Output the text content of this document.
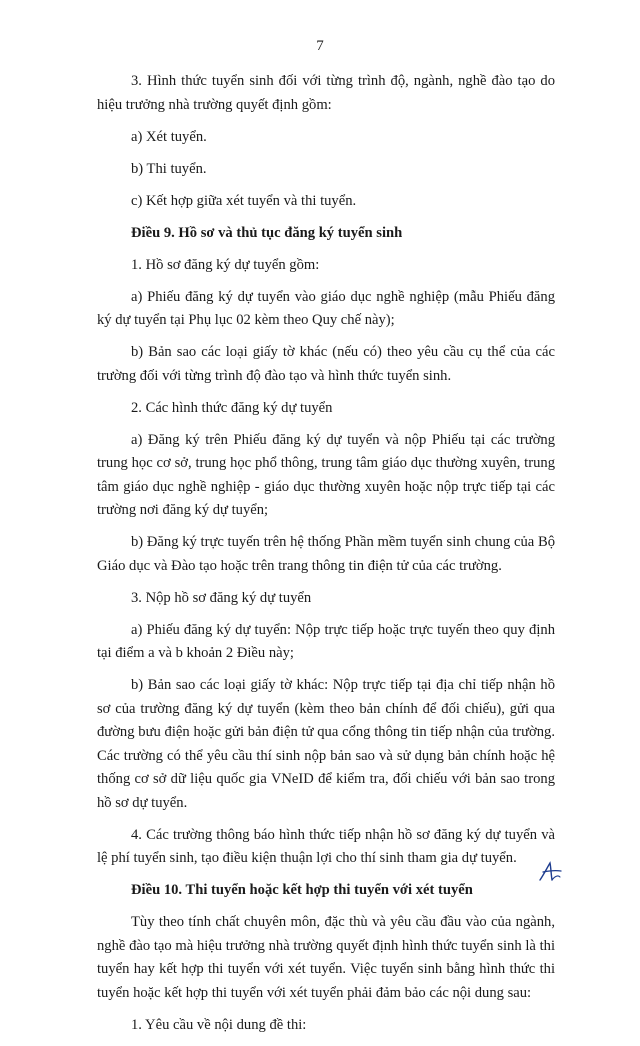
7

3. Hình thức tuyển sinh đối với từng trình độ, ngành, nghề đào tạo do hiệu trưởng nhà trường quyết định gồm:

a) Xét tuyển.

b) Thi tuyển.

c) Kết hợp giữa xét tuyển và thi tuyển.

Điều 9. Hồ sơ và thủ tục đăng ký tuyển sinh

1. Hồ sơ đăng ký dự tuyển gồm:

a) Phiếu đăng ký dự tuyển vào giáo dục nghề nghiệp (mẫu Phiếu đăng ký dự tuyển tại Phụ lục 02 kèm theo Quy chế này);

b) Bản sao các loại giấy tờ khác (nếu có) theo yêu cầu cụ thể của các trường đối với từng trình độ đào tạo và hình thức tuyển sinh.

2. Các hình thức đăng ký dự tuyển

a) Đăng ký trên Phiếu đăng ký dự tuyển và nộp Phiếu tại các trường trung học cơ sở, trung học phổ thông, trung tâm giáo dục thường xuyên, trung tâm giáo dục nghề nghiệp - giáo dục thường xuyên hoặc nộp trực tiếp tại các trường nơi đăng ký dự tuyển;

b) Đăng ký trực tuyến trên hệ thống Phần mềm tuyển sinh chung của Bộ Giáo dục và Đào tạo hoặc trên trang thông tin điện tử của các trường.

3. Nộp hồ sơ đăng ký dự tuyển

a) Phiếu đăng ký dự tuyển: Nộp trực tiếp hoặc trực tuyến theo quy định tại điểm a và b khoản 2 Điều này;

b) Bản sao các loại giấy tờ khác: Nộp trực tiếp tại địa chỉ tiếp nhận hồ sơ của trường đăng ký dự tuyển (kèm theo bản chính để đối chiếu), gửi qua đường bưu điện hoặc gửi bản điện tử qua cổng thông tin tiếp nhận của trường. Các trường có thể yêu cầu thí sinh nộp bản sao và sử dụng bản chính hoặc hệ thống cơ sở dữ liệu quốc gia VNeID để kiểm tra, đối chiếu với bản sao trong hồ sơ dự tuyển.

4. Các trường thông báo hình thức tiếp nhận hồ sơ đăng ký dự tuyển và lệ phí tuyển sinh, tạo điều kiện thuận lợi cho thí sinh tham gia dự tuyển.

Điều 10. Thi tuyển hoặc kết hợp thi tuyển với xét tuyển

Tùy theo tính chất chuyên môn, đặc thù và yêu cầu đầu vào của ngành, nghề đào tạo mà hiệu trưởng nhà trường quyết định hình thức tuyển sinh là thi tuyển hay kết hợp thi tuyển với xét tuyển. Việc tuyển sinh bằng hình thức thi tuyển hoặc kết hợp thi tuyển với xét tuyển phải đảm bảo các nội dung sau:

1. Yêu cầu về nội dung đề thi:
